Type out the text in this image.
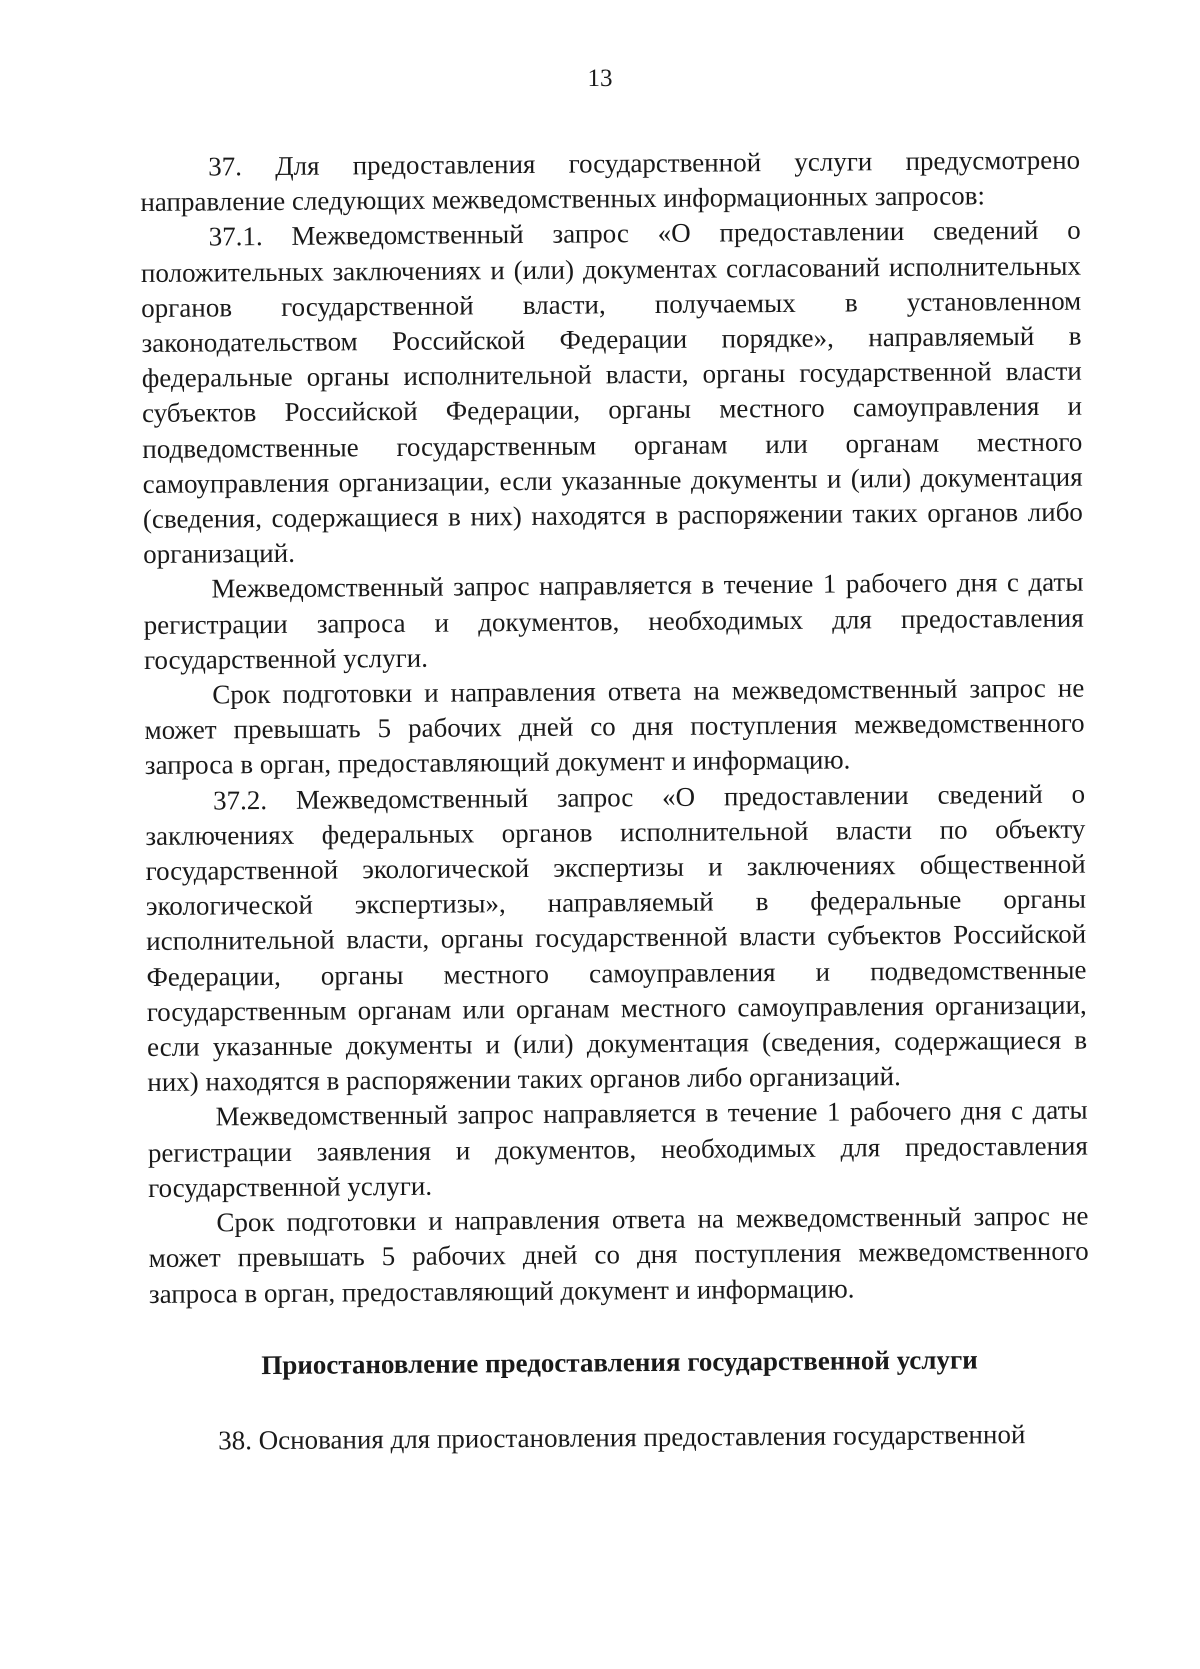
13

37. Для предоставления государственной услуги предусмотрено направление следующих межведомственных информационных запросов:

37.1. Межведомственный запрос «О предоставлении сведений о положительных заключениях и (или) документах согласований исполнительных органов государственной власти, получаемых в установленном законодательством Российской Федерации порядке», направляемый в федеральные органы исполнительной власти, органы государственной власти субъектов Российской Федерации, органы местного самоуправления и подведомственные государственным органам или органам местного самоуправления организации, если указанные документы и (или) документация (сведения, содержащиеся в них) находятся в распоряжении таких органов либо организаций.

Межведомственный запрос направляется в течение 1 рабочего дня с даты регистрации запроса и документов, необходимых для предоставления государственной услуги.

Срок подготовки и направления ответа на межведомственный запрос не может превышать 5 рабочих дней со дня поступления межведомственного запроса в орган, предоставляющий документ и информацию.

37.2. Межведомственный запрос «О предоставлении сведений о заключениях федеральных органов исполнительной власти по объекту государственной экологической экспертизы и заключениях общественной экологической экспертизы», направляемый в федеральные органы исполнительной власти, органы государственной власти субъектов Российской Федерации, органы местного самоуправления и подведомственные государственным органам или органам местного самоуправления организации, если указанные документы и (или) документация (сведения, содержащиеся в них) находятся в распоряжении таких органов либо организаций.

Межведомственный запрос направляется в течение 1 рабочего дня с даты регистрации заявления и документов, необходимых для предоставления государственной услуги.

Срок подготовки и направления ответа на межведомственный запрос не может превышать 5 рабочих дней со дня поступления межведомственного запроса в орган, предоставляющий документ и информацию.

Приостановление предоставления государственной услуги

38. Основания для приостановления предоставления государственной
